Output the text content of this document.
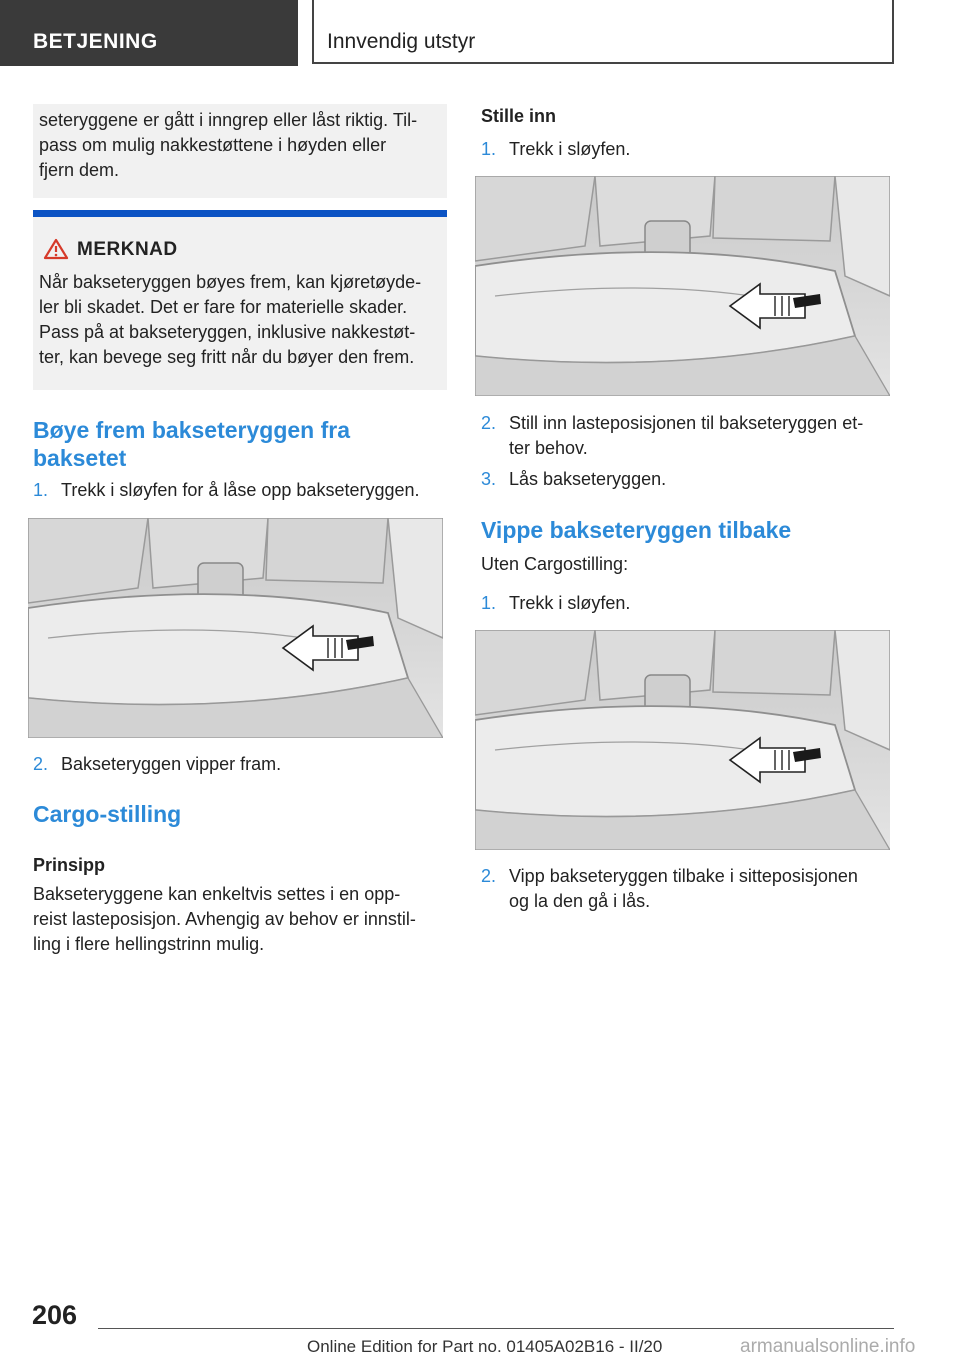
BETJENING	Innvendig utstyr

seteryggene er gått i inngrep eller låst riktig. Til-

pass om mulig nakkestøttene i høyden eller

fjern dem.

MERKNAD

Når bakseteryggen bøyes frem, kan kjøretøyde-

ler bli skadet. Det er fare for materielle skader.

Pass på at bakseteryggen, inklusive nakkestøt-

ter, kan bevege seg fritt når du bøyer den frem.

Bøye frem bakseteryggen fra
baksetet
1. Trekk i sløyfen for å låse opp bakseteryggen.
2. Bakseteryggen vipper fram.
Cargo-stilling
Prinsipp

Bakseteryggene kan enkeltvis settes i en opp-

reist lasteposisjon. Avhengig av behov er innstil-

ling i flere hellingstrinn mulig.

Stille inn
1. Trekk i sløyfen.
2. Still inn lasteposisjonen til bakseteryggen et-
ter behov.
3. Lås bakseteryggen.
Vippe bakseteryggen tilbake

Uten Cargostilling:

1. Trekk i sløyfen.
2. Vipp bakseteryggen tilbake i sitteposisjonen
og la den gå i lås.
206
Online Edition for Part no. 01405A02B16 - II/20	armanualsonline.info
